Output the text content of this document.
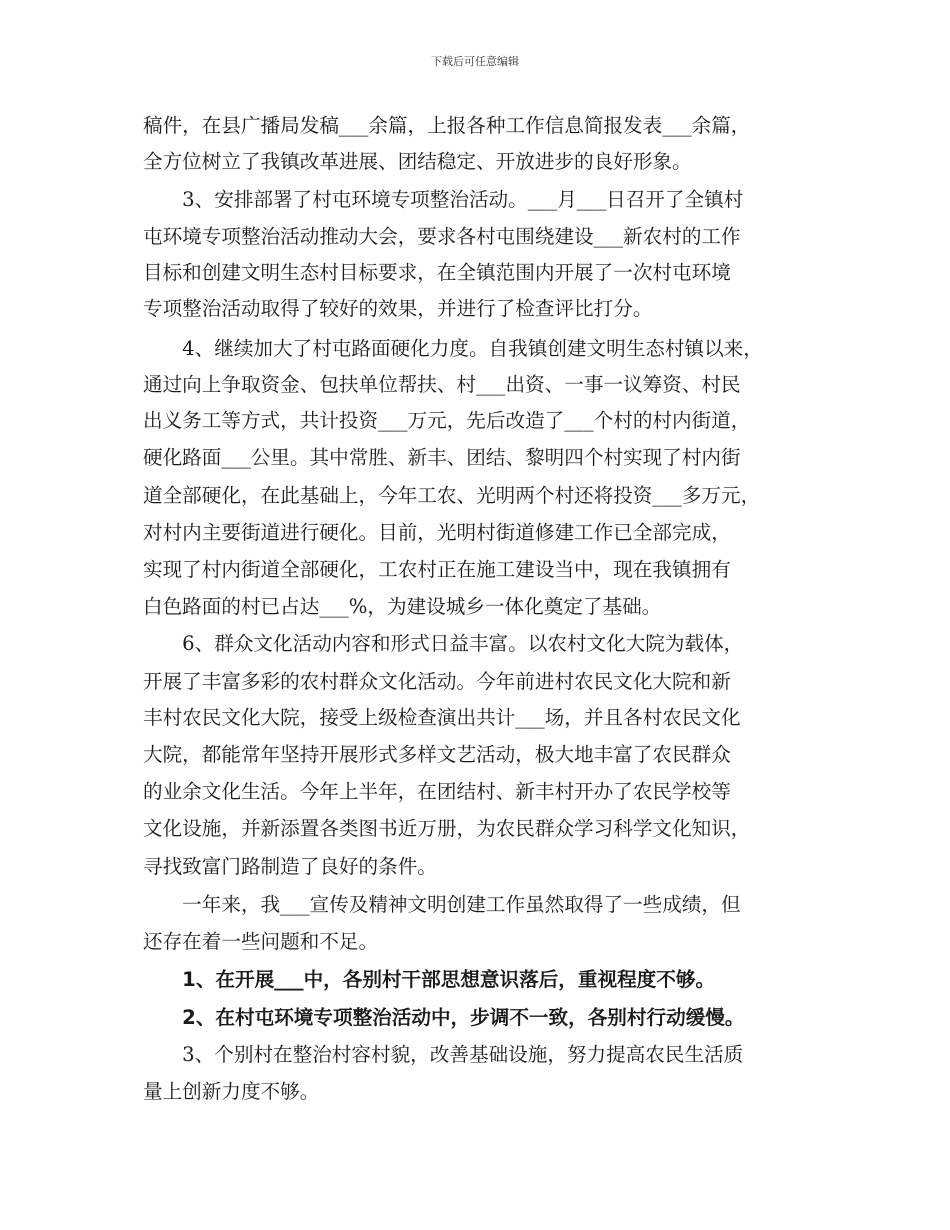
下载后可任意编辑
稿件，在县广播局发稿___余篇，上报各种工作信息简报发表___余篇，
全方位树立了我镇改革进展、团结稳定、开放进步的良好形象。
　　3、安排部署了村屯环境专项整治活动。___月___日召开了全镇村
屯环境专项整治活动推动大会，要求各村屯围绕建设___新农村的工作
目标和创建文明生态村目标要求，在全镇范围内开展了一次村屯环境
专项整治活动取得了较好的效果，并进行了检查评比打分。
　　4、继续加大了村屯路面硬化力度。自我镇创建文明生态村镇以来，
通过向上争取资金、包扶单位帮扶、村___出资、一事一议筹资、村民
出义务工等方式，共计投资___万元，先后改造了___个村的村内街道，
硬化路面___公里。其中常胜、新丰、团结、黎明四个村实现了村内街
道全部硬化，在此基础上，今年工农、光明两个村还将投资___多万元，
对村内主要街道进行硬化。目前，光明村街道修建工作已全部完成，
实现了村内街道全部硬化，工农村正在施工建设当中，现在我镇拥有
白色路面的村已占达___%，为建设城乡一体化奠定了基础。
　　6、群众文化活动内容和形式日益丰富。以农村文化大院为载体，
开展了丰富多彩的农村群众文化活动。今年前进村农民文化大院和新
丰村农民文化大院，接受上级检查演出共计___场，并且各村农民文化
大院，都能常年坚持开展形式多样文艺活动，极大地丰富了农民群众
的业余文化生活。今年上半年，在团结村、新丰村开办了农民学校等
文化设施，并新添置各类图书近万册，为农民群众学习科学文化知识，
寻找致富门路制造了良好的条件。
　　一年来，我___宣传及精神文明创建工作虽然取得了一些成绩，但
还存在着一些问题和不足。
　　1、在开展___中，各别村干部思想意识落后，重视程度不够。
　　2、在村屯环境专项整治活动中，步调不一致，各别村行动缓慢。
　　3、个别村在整治村容村貌，改善基础设施，努力提高农民生活质
量上创新力度不够。
